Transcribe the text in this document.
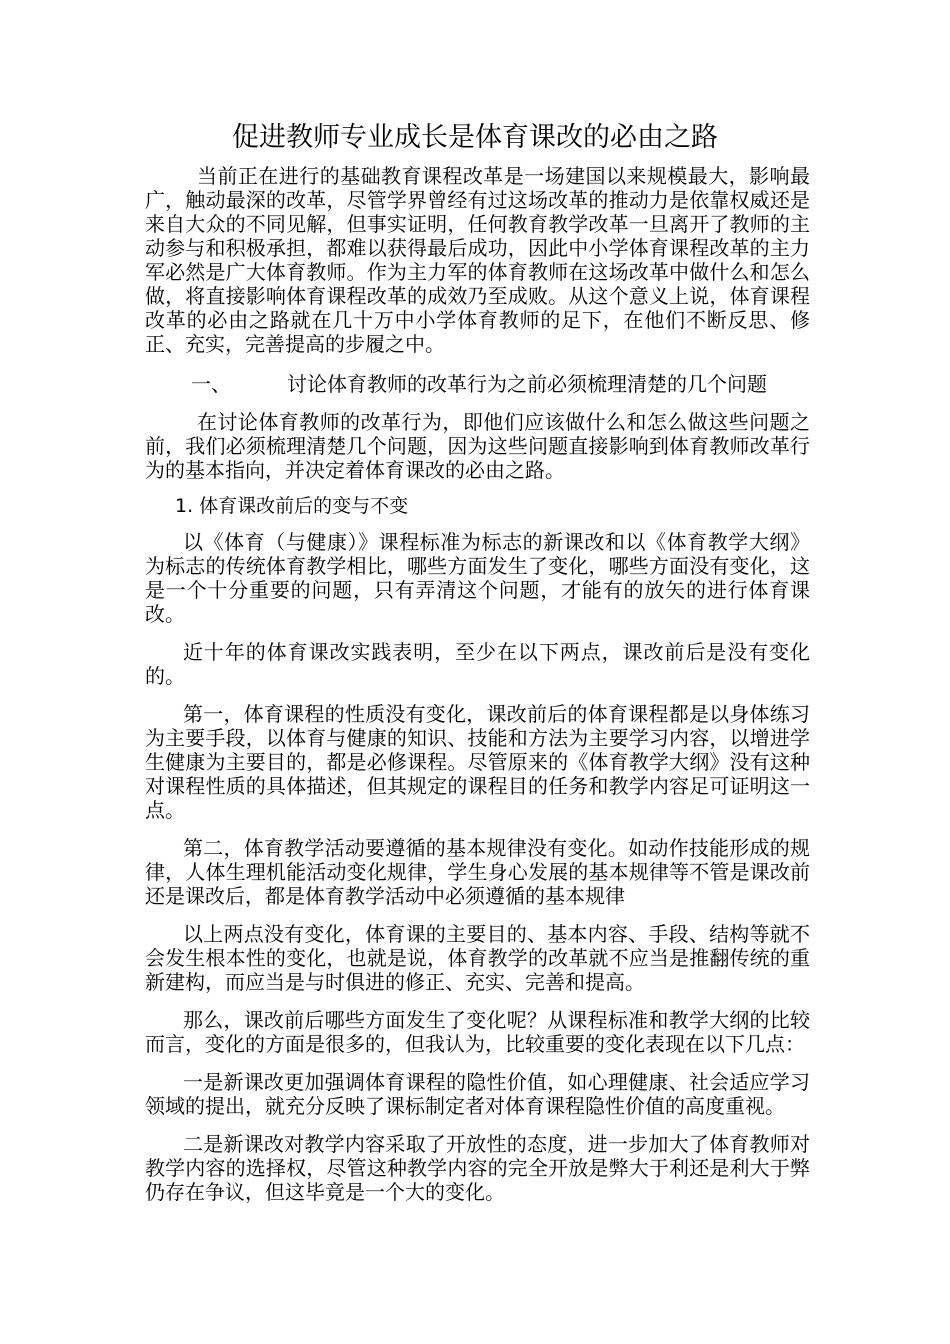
促进教师专业成长是体育课改的必由之路

当前正在进行的基础教育课程改革是一场建国以来规模最大，影响最广，触动最深的改革，尽管学界曾经有过这场改革的推动力是依靠权威还是来自大众的不同见解，但事实证明，任何教育教学改革一旦离开了教师的主动参与和积极承担，都难以获得最后成功，因此中小学体育课程改革的主力军必然是广大体育教师。作为主力军的体育教师在这场改革中做什么和怎么做，将直接影响体育课程改革的成效乃至成败。从这个意义上说，体育课程改革的必由之路就在几十万中小学体育教师的足下，在他们不断反思、修正、充实，完善提高的步履之中。

一、	讨论体育教师的改革行为之前必须梳理清楚的几个问题

在讨论体育教师的改革行为，即他们应该做什么和怎么做这些问题之前，我们必须梳理清楚几个问题，因为这些问题直接影响到体育教师改革行为的基本指向，并决定着体育课改的必由之路。

1. 体育课改前后的变与不变

以《体育（与健康）》课程标准为标志的新课改和以《体育教学大纲》为标志的传统体育教学相比，哪些方面发生了变化，哪些方面没有变化，这是一个十分重要的问题，只有弄清这个问题，才能有的放矢的进行体育课改。

近十年的体育课改实践表明，至少在以下两点，课改前后是没有变化的。

第一，体育课程的性质没有变化，课改前后的体育课程都是以身体练习为主要手段，以体育与健康的知识、技能和方法为主要学习内容，以增进学生健康为主要目的，都是必修课程。尽管原来的《体育教学大纲》没有这种对课程性质的具体描述，但其规定的课程目的任务和教学内容足可证明这一点。

第二，体育教学活动要遵循的基本规律没有变化。如动作技能形成的规律，人体生理机能活动变化规律，学生身心发展的基本规律等不管是课改前还是课改后，都是体育教学活动中必须遵循的基本规律

以上两点没有变化，体育课的主要目的、基本内容、手段、结构等就不会发生根本性的变化，也就是说，体育教学的改革就不应当是推翻传统的重新建构，而应当是与时俱进的修正、充实、完善和提高。

那么，课改前后哪些方面发生了变化呢？从课程标准和教学大纲的比较而言，变化的方面是很多的，但我认为，比较重要的变化表现在以下几点：

一是新课改更加强调体育课程的隐性价值，如心理健康、社会适应学习领域的提出，就充分反映了课标制定者对体育课程隐性价值的高度重视。

二是新课改对教学内容采取了开放性的态度，进一步加大了体育教师对教学内容的选择权，尽管这种教学内容的完全开放是弊大于利还是利大于弊仍存在争议，但这毕竟是一个大的变化。
